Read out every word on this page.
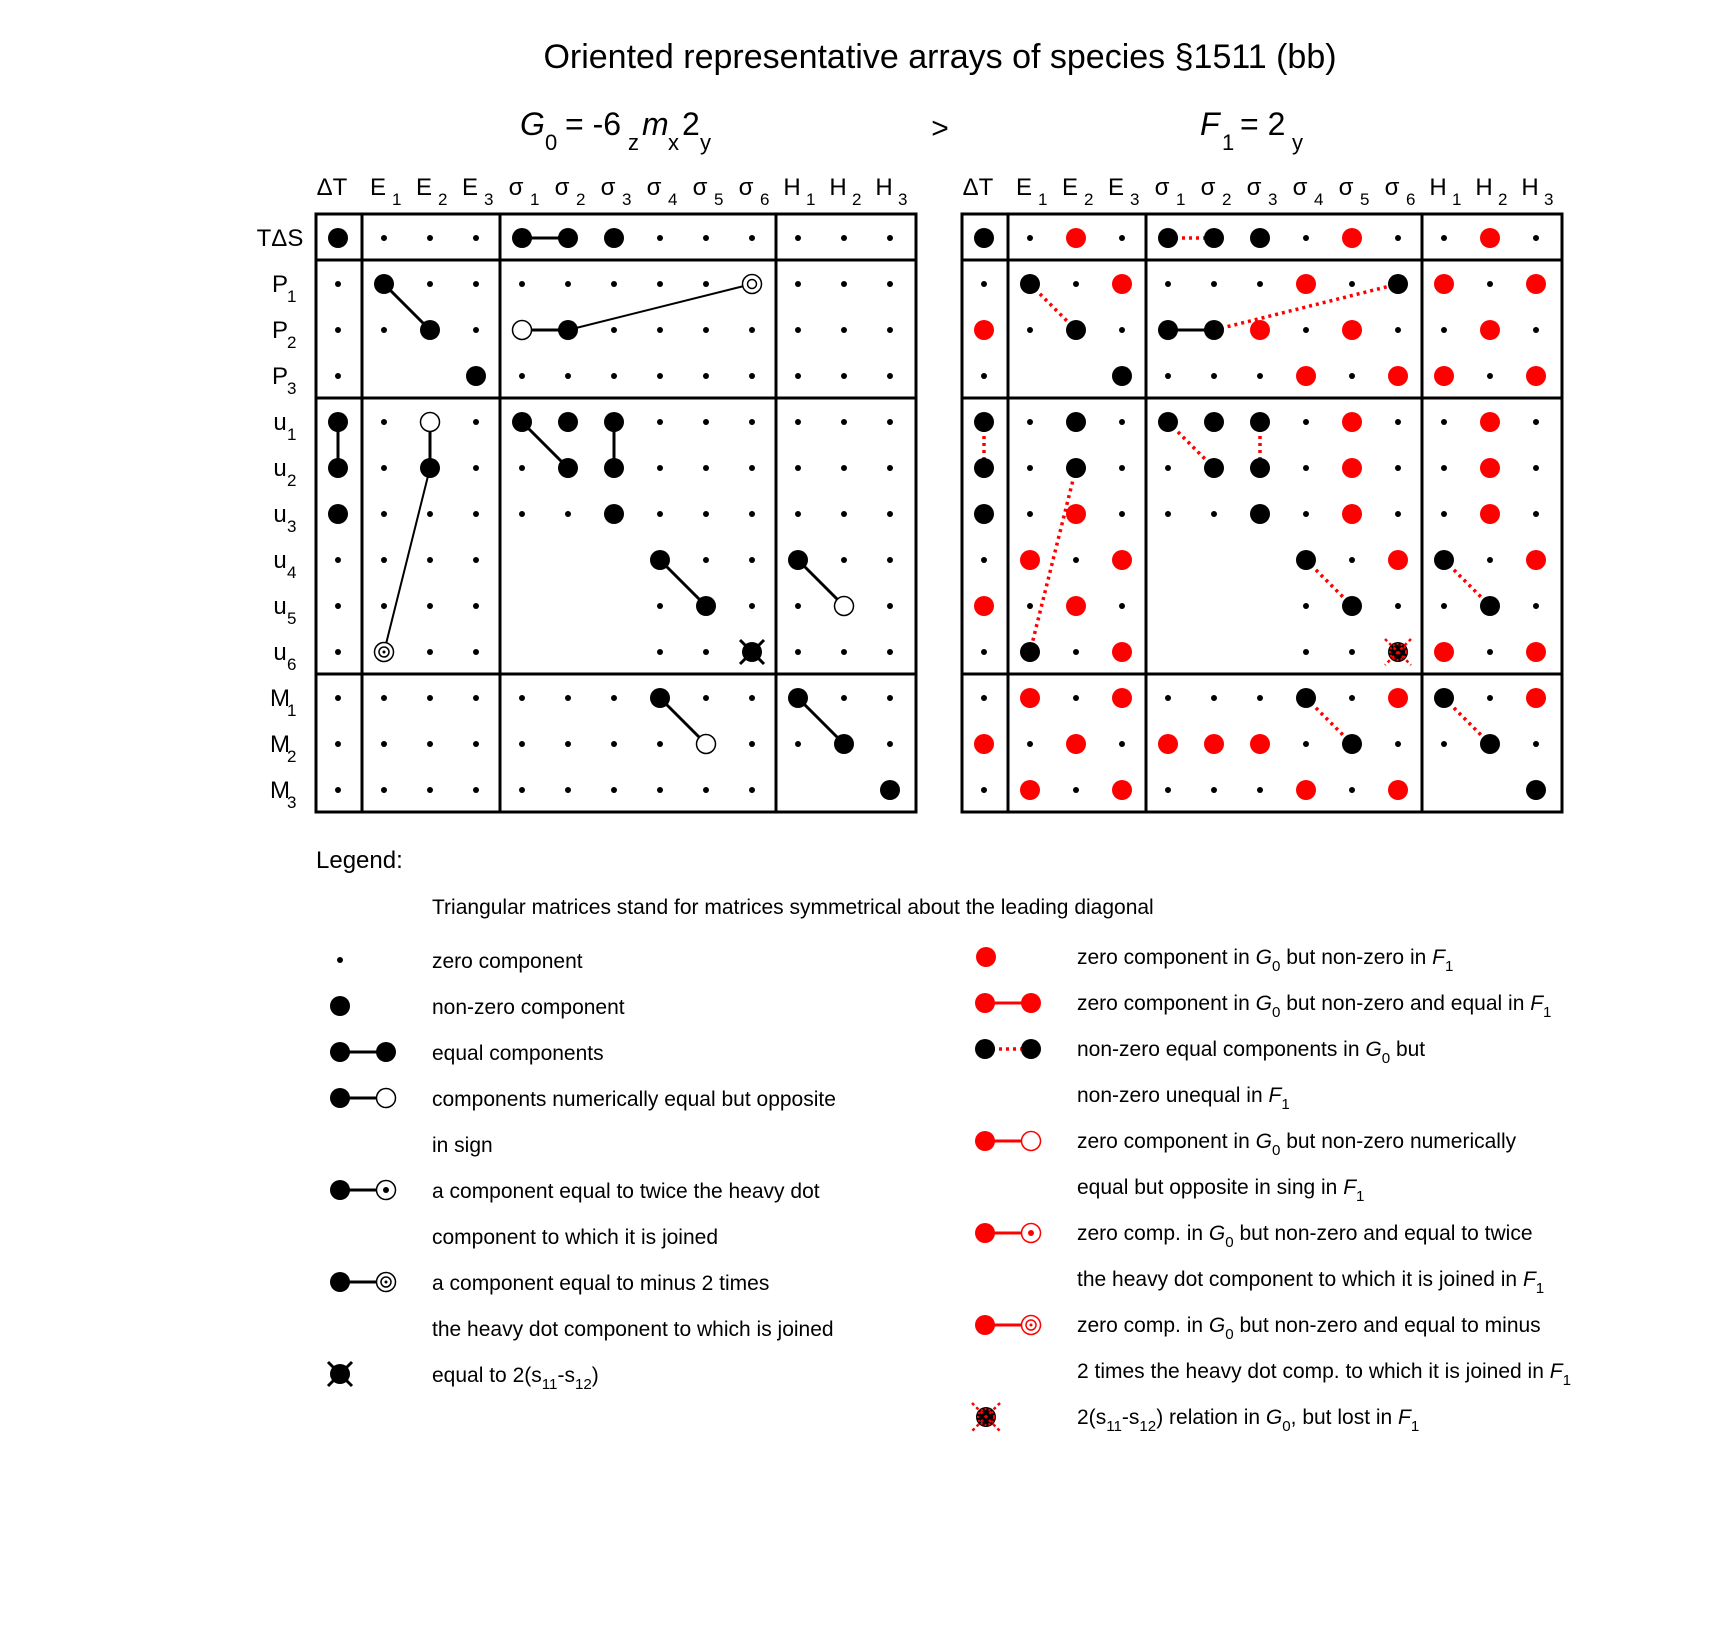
Oriented representative arrays of species §1511 (bb)
G
0
= -6
z
m
x
2
y	>	F
1
= 2
y
ΔT E 1 E 2 E 3 σ 1 σ 2 σ 3 σ 4 σ 5 σ 6 H 1 H 2 H 3
TΔS
P
1
P
2
P
3
u 1
u 2
u 3
u 4
u 5
u 6
M
1
M
2
M
3
ΔT E 1 E 2 E 3 σ 1 σ 2 σ 3 σ 4 σ 5 σ 6 H 1 H 2 H 3
Legend:
Triangular matrices stand for matrices symmetrical about the leading diagonal
zero component
non-zero component
equal components
components numerically equal but opposite
in sign
a component equal to twice the heavy dot
component to which it is joined
a component equal to minus 2 times
the heavy dot component to which is joined
equal to $2(s_{11}-s_{12})$
zero component in $G_0$ but non-zero in $F_1$
zero component in $G_0$ but non-zero and equal in $F_1$
non-zero equal components in $G_0$ but
non-zero unequal in $F_1$
zero component in $G_0$ but non-zero numerically
equal but opposite in sing in $F_1$
zero comp. in $G_0$ but non-zero and equal to twice
the heavy dot component to which it is joined in $F_1$
zero comp. in $G_0$ but non-zero and equal to minus
2 times the heavy dot comp. to which it is joined in $F_1$
$2(s_{11}-s_{12})$ relation in $G_0$, but lost in $F_1$
